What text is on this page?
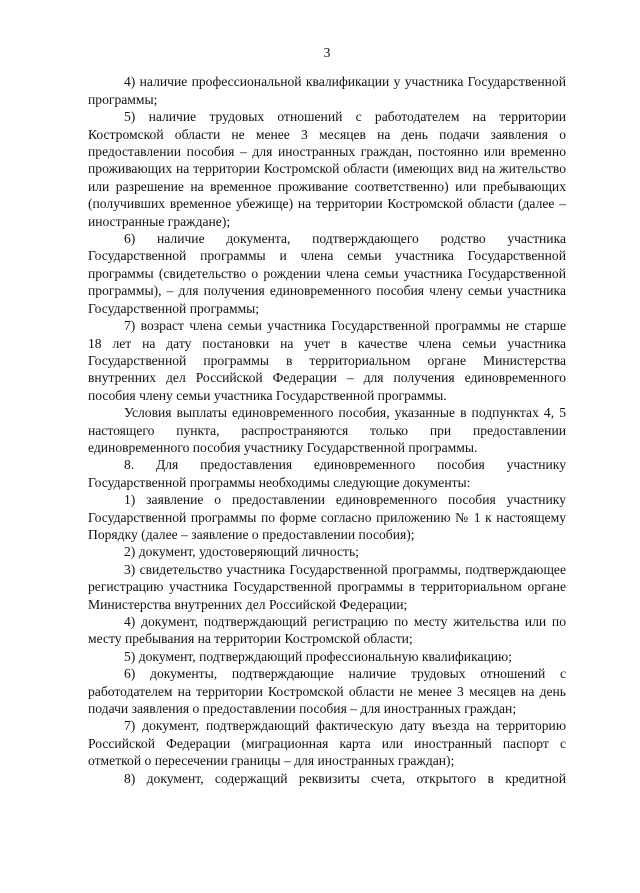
3

4) наличие профессиональной квалификации у участника Государственной программы;

5) наличие трудовых отношений с работодателем на территории Костромской области не менее 3 месяцев на день подачи заявления о предоставлении пособия – для иностранных граждан, постоянно или временно проживающих на территории Костромской области (имеющих вид на жительство или разрешение на временное проживание соответственно) или пребывающих (получивших временное убежище) на территории Костромской области (далее – иностранные граждане);

6) наличие документа, подтверждающего родство участника Государственной программы и члена семьи участника Государственной программы (свидетельство о рождении члена семьи участника Государственной программы), – для получения единовременного пособия члену семьи участника Государственной программы;

7) возраст члена семьи участника Государственной программы не старше 18 лет на дату постановки на учет в качестве члена семьи участника Государственной программы в территориальном органе Министерства внутренних дел Российской Федерации – для получения единовременного пособия члену семьи участника Государственной программы.

Условия выплаты единовременного пособия, указанные в подпунктах 4, 5 настоящего пункта, распространяются только при предоставлении единовременного пособия участнику Государственной программы.

8. Для предоставления единовременного пособия участнику Государственной программы необходимы следующие документы:

1) заявление о предоставлении единовременного пособия участнику Государственной программы по форме согласно приложению № 1 к настоящему Порядку (далее – заявление о предоставлении пособия);

2) документ, удостоверяющий личность;

3) свидетельство участника Государственной программы, подтверждающее регистрацию участника Государственной программы в территориальном органе Министерства внутренних дел Российской Федерации;

4) документ, подтверждающий регистрацию по месту жительства или по месту пребывания на территории Костромской области;

5) документ, подтверждающий профессиональную квалификацию;

6) документы, подтверждающие наличие трудовых отношений с работодателем на территории Костромской области не менее 3 месяцев на день подачи заявления о предоставлении пособия – для иностранных граждан;

7) документ, подтверждающий фактическую дату въезда на территорию Российской Федерации (миграционная карта или иностранный паспорт с отметкой о пересечении границы – для иностранных граждан);

8) документ, содержащий реквизиты счета, открытого в кредитной
